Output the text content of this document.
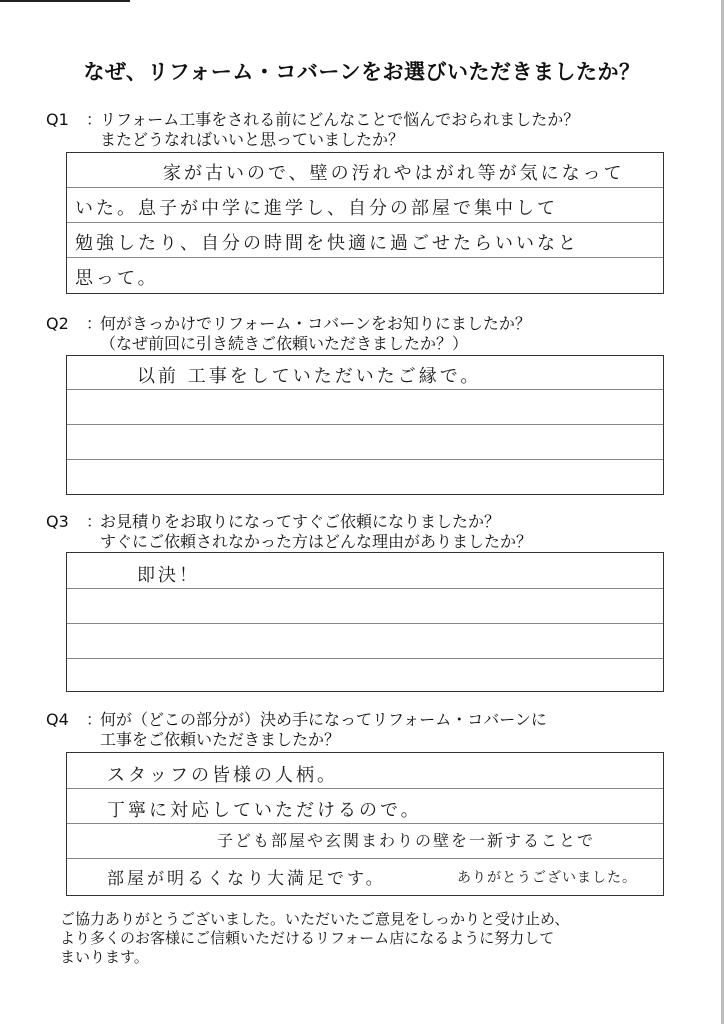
なぜ、リフォーム・コバーンをお選びいただきましたか？
Q1 ：リフォーム工事をされる前にどんなことで悩んでおられましたか？
またどうなればいいと思っていましたか？
家が古いので、壁の汚れやはがれ等が気になって
いた。息子が中学に進学し、自分の部屋で集中して
勉強したり、自分の時間を快適に過ごせたらいいなと
思って。
Q2 ：何がきっかけでリフォーム・コバーンをお知りにましたか？
（なぜ前回に引き続きご依頼いただきましたか？）
以前 工事をしていただいたご縁で。
Q3 ：お見積りをお取りになってすぐご依頼になりましたか？
すぐにご依頼されなかった方はどんな理由がありましたか？
即決！
Q4 ：何が（どこの部分が）決め手になってリフォーム・コバーンに
工事をご依頼いただきましたか？
スタッフの皆様の人柄。
丁寧に対応していただけるので。
子ども部屋や玄関まわりの壁を一新することで
部屋が明るくなり大満足です。	ありがとうございました。
ご協力ありがとうございました。いただいたご意見をしっかりと受け止め、
より多くのお客様にご信頼いただけるリフォーム店になるように努力して
まいります。
